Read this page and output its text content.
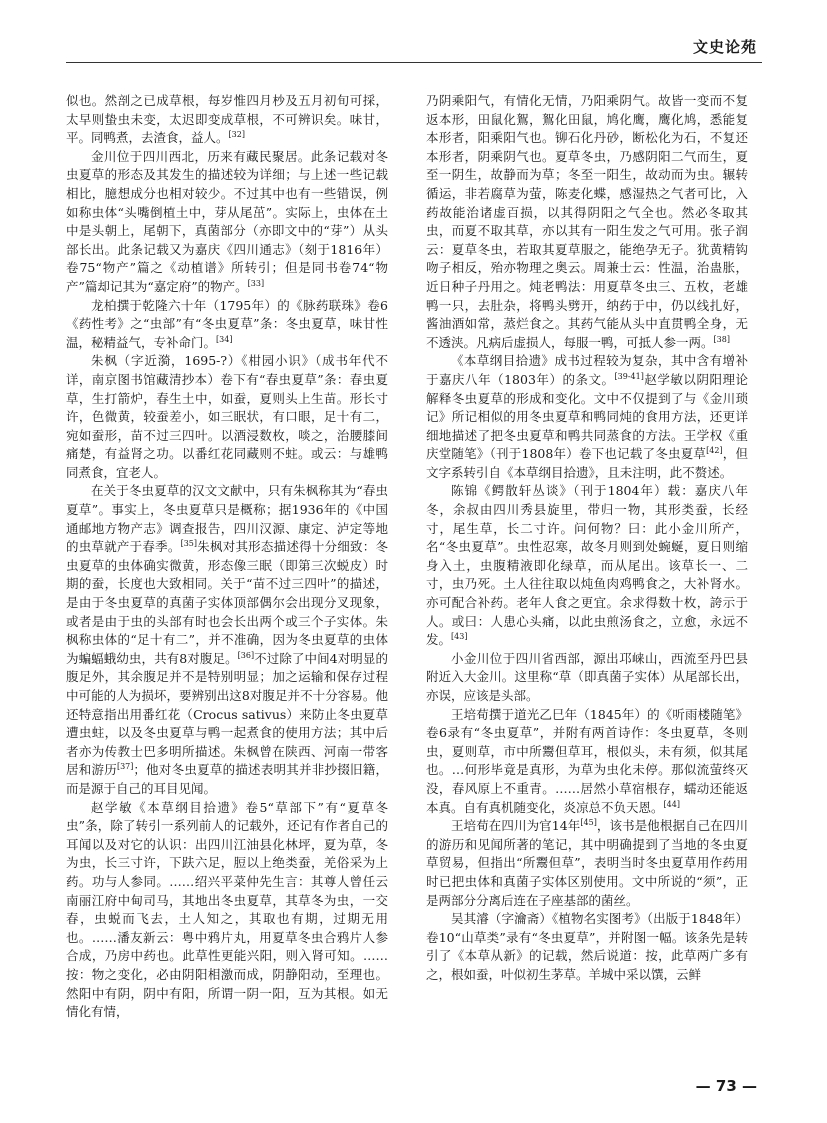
文史论苑

似也。然剖之已成草根，每岁惟四月杪及五月初旬可採，太早则蛰虫未变，太迟即变成草根，不可辨识矣。味甘，平。同鸭煮，去渣食，益人。[32]

金川位于四川西北，历来有藏民聚居。此条记载对冬虫夏草的形态及其发生的描述较为详细；与上述一些记载相比，臆想成分也相对较少。不过其中也有一些错误，例如称虫体“头嘴倒植土中，芽从尾茁”。实际上，虫体在土中是头朝上，尾朝下，真菌部分（亦即文中的“芽”）从头部长出。此条记载又为嘉庆《四川通志》（刻于1816年）卷75“物产”篇之《动植谱》所转引；但是同书卷74“物产”篇却记其为“嘉定府”的物产。[33]

龙柏撰于乾隆六十年（1795年）的《脉药联珠》卷6《药性考》之“虫部”有“冬虫夏草”条：冬虫夏草，味甘性温，秘精益气，专补命门。[34]

朱枫（字近漪，1695-?）《柑园小识》（成书年代不详，南京图书馆藏清抄本）卷下有“春虫夏草”条：春虫夏草，生打箭炉，春生土中，如蚕，夏则头上生苗。形长寸许，色微黄，较蚕差小，如三眠状，有口眼，足十有二，宛如蚕形，苗不过三四叶。以酒浸数枚，啖之，治腰膝间痛楚，有益肾之功。以番红花同藏则不蛀。或云：与雄鸭同煮食，宜老人。

在关于冬虫夏草的汉文文献中，只有朱枫称其为“春虫夏草”。事实上，冬虫夏草只是概称；据1936年的《中国通邮地方物产志》调查报告，四川汉源、康定、泸定等地的虫草就产于春季。[35]朱枫对其形态描述得十分细致：冬虫夏草的虫体确实微黄，形态像三眠（即第三次蜕皮）时期的蚕，长度也大致相同。关于“苗不过三四叶”的描述，是由于冬虫夏草的真菌子实体顶部偶尔会出现分叉现象，或者是由于虫的头部有时也会长出两个或三个子实体。朱枫称虫体的“足十有二”，并不准确，因为冬虫夏草的虫体为蝙蝠蛾幼虫，共有8对腹足。[36]不过除了中间4对明显的腹足外，其余腹足并不是特别明显；加之运输和保存过程中可能的人为损坏，要辨别出这8对腹足并不十分容易。他还特意指出用番红花（Crocus sativus）来防止冬虫夏草遭虫蛀，以及冬虫夏草与鸭一起煮食的使用方法；其中后者亦为传教士巴多明所描述。朱枫曾在陕西、河南一带客居和游历[37]；他对冬虫夏草的描述表明其并非抄掇旧籍，而是源于自己的耳目见闻。

赵学敏《本草纲目拾遗》卷5“草部下”有“夏草冬虫”条，除了转引一系列前人的记载外，还记有作者自己的耳闻以及对它的认识：出四川江油县化林坪，夏为草，冬为虫，长三寸许，下趺六足，脰以上绝类蚕，羌俗采为上药。功与人参同。……绍兴平菜仲先生言：其尊人曾任云南丽江府中甸司马，其地出冬虫夏草，其草冬为虫，一交春，虫蜕而飞去，土人知之，其取也有期，过期无用也。……潘友新云：粤中鸦片丸，用夏草冬虫合鸦片人参合成，乃房中药也。此草性更能兴阳，则入肾可知。……按：物之变化，必由阴阳相激而成，阴静阳动，至理也。然阳中有阴，阴中有阳，所谓一阴一阳，互为其根。如无情化有情，

乃阴乘阳气，有情化无情，乃阳乘阴气。故皆一变而不复返本形，田鼠化鴽，鴽化田鼠，鸠化鹰，鹰化鸠，悉能复本形者，阳乘阳气也。铆石化丹砂，断松化为石，不复还本形者，阴乘阴气也。夏草冬虫，乃感阴阳二气而生，夏至一阴生，故静而为草；冬至一阳生，故动而为虫。辗转循运，非若腐草为萤，陈麦化蝶，感湿热之气者可比，入药故能治诸虚百损，以其得阴阳之气全也。然必冬取其虫，而夏不取其草，亦以其有一阳生发之气可用。张子润云：夏草冬虫，若取其夏草服之，能绝孕无子。犹黄精钩吻子相反，殆亦物理之奥云。周兼士云：性温，治蛊胀，近日种子丹用之。炖老鸭法：用夏草冬虫三、五枚，老雄鸭一只，去肚杂，将鸭头劈开，纳药于中，仍以线扎好，酱油酒如常，蒸烂食之。其药气能从头中直贯鸭全身，无不透浃。凡病后虚损人，每服一鸭，可抵人参一两。[38]

《本草纲目拾遗》成书过程较为复杂，其中含有增补于嘉庆八年（1803年）的条文。[39-41]赵学敏以阴阳理论解释冬虫夏草的形成和变化。文中不仅提到了与《金川琐记》所记相似的用冬虫夏草和鸭同炖的食用方法，还更详细地描述了把冬虫夏草和鸭共同蒸食的方法。王学权《重庆堂随笔》（刊于1808年）卷下也记载了冬虫夏草[42]，但文字系转引自《本草纲目拾遗》，且未注明，此不赘述。

陈锦《鳄散轩丛谈》（刊于1804年）载：嘉庆八年冬，余叔由四川秀县旋里，带归一物，其形类蚕，长经寸，尾生草，长二寸许。问何物？曰：此小金川所产，名“冬虫夏草”。虫性忍寒，故冬月则到处蜿蜒，夏日则缩身入土，虫腹精液即化绿草，而从尾出。该草长一、二寸，虫乃死。土人往往取以炖鱼肉鸡鸭食之，大补肾水。亦可配合补药。老年人食之更宜。余求得数十枚，誇示于人。或曰：人患心头痛，以此虫煎汤食之，立愈，永远不发。[43]

小金川位于四川省西部，源出邛崃山，西流至丹巴县附近入大金川。这里称“草（即真菌子实体）从尾部长出，亦误，应该是头部。

王培荀撰于道光乙巳年（1845年）的《听雨楼随笔》卷6录有“冬虫夏草”，并附有两首诗作：冬虫夏草，冬则虫，夏则草，市中所鬻但草耳，根似头，未有须，似其尾也。…何形毕竟是真形，为草为虫化未停。那似流萤终灭没，春风原上不重青。……居然小草宿根存，蠕动还能返本真。自有真机随变化，炎凉总不负天恩。[44]

王培荀在四川为官14年[45]，该书是他根据自己在四川的游历和见闻所著的笔记，其中明确提到了当地的冬虫夏草贸易，但指出“所鬻但草”，表明当时冬虫夏草用作药用时已把虫体和真菌子实体区别使用。文中所说的“须”，正是两部分分离后连在子座基部的菌丝。

吴其濬（字瀹斋）《植物名实图考》（出版于1848年）卷10“山草类”录有“冬虫夏草”，并附图一幅。该条先是转引了《本草从新》的记载，然后说道：按，此草两广多有之，根如蚕，叶似初生茅草。羊城中采以馔，云鲜

— 73 —
